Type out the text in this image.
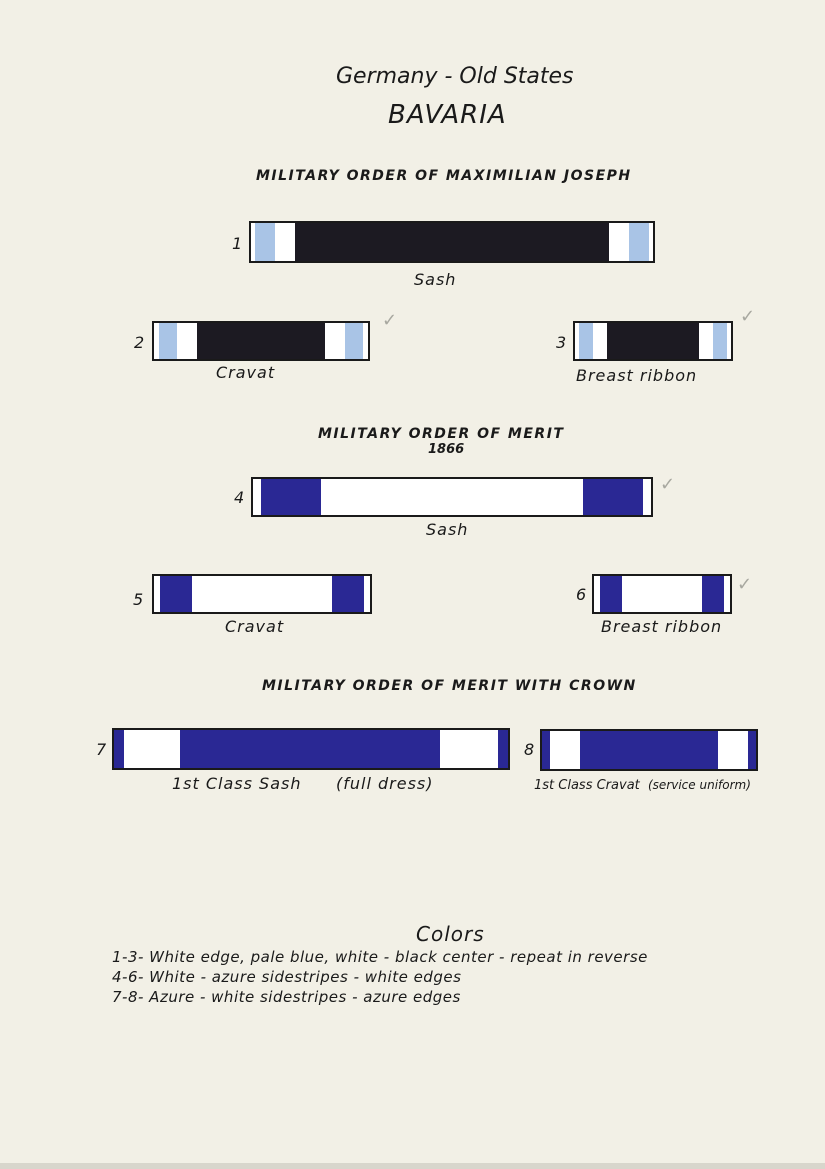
Germany - Old States
BAVARIA
MILITARY ORDER OF MAXIMILIAN JOSEPH
1
Sash
2
✓
Cravat
3
✓
Breast ribbon
MILITARY ORDER OF MERIT
1866
4
✓
Sash
5
Cravat
6	✓
Breast ribbon
MILITARY ORDER OF MERIT WITH CROWN
7
1st Class Sash (full dress)
8
1st Class Cravat (service uniform)
Colors
1-3- White edge, pale blue, white - black center - repeat in reverse
4-6- White - azure sidestripes - white edges
7-8- Azure - white sidestripes - azure edges
